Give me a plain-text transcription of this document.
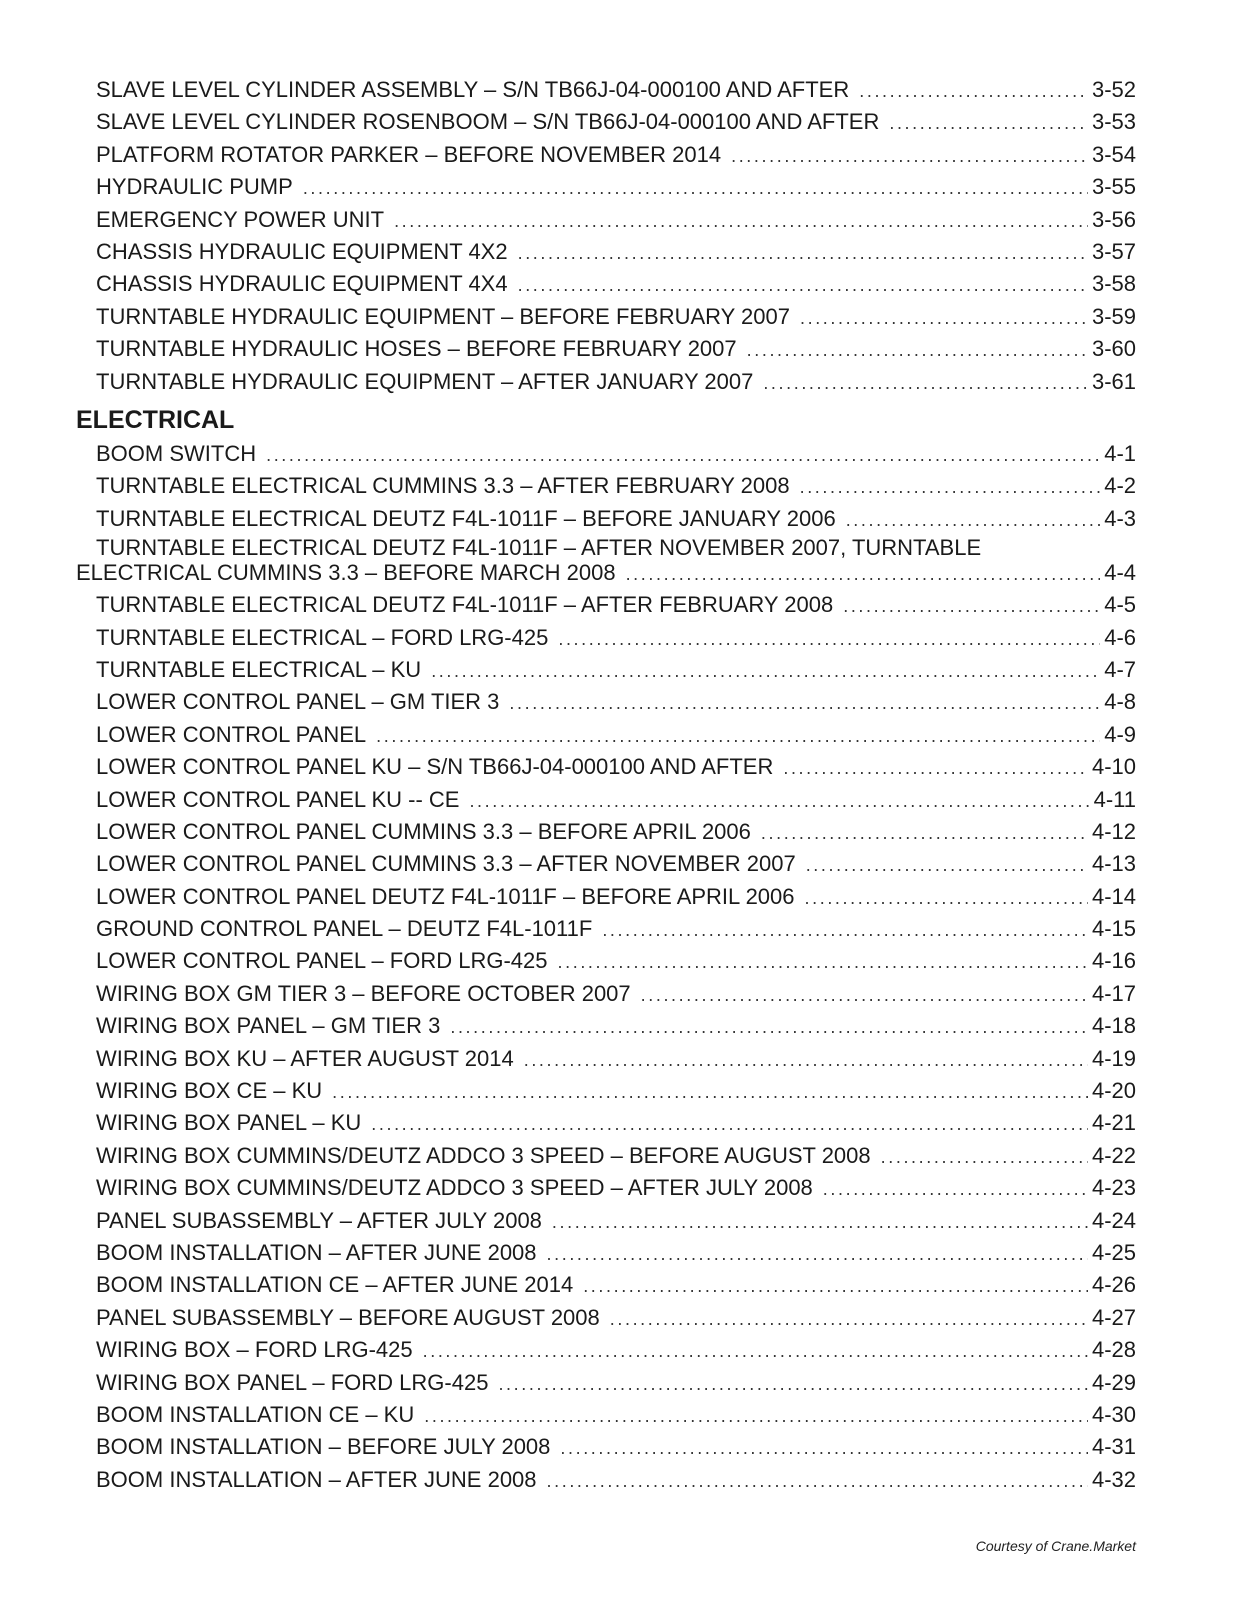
SLAVE LEVEL CYLINDER ASSEMBLY – S/N TB66J-04-000100 AND AFTER .....	3-52
SLAVE LEVEL CYLINDER ROSENBOOM – S/N TB66J-04-000100 AND AFTER .....	3-53
PLATFORM ROTATOR PARKER – BEFORE NOVEMBER 2014 .....	3-54
HYDRAULIC PUMP .....	3-55
EMERGENCY POWER UNIT .....	3-56
CHASSIS HYDRAULIC EQUIPMENT 4X2 .....	3-57
CHASSIS HYDRAULIC EQUIPMENT 4X4 .....	3-58
TURNTABLE HYDRAULIC EQUIPMENT – BEFORE FEBRUARY 2007 .....	3-59
TURNTABLE HYDRAULIC HOSES – BEFORE FEBRUARY 2007 .....	3-60
TURNTABLE HYDRAULIC EQUIPMENT – AFTER JANUARY 2007 .....	3-61
ELECTRICAL
BOOM SWITCH .....	4-1
TURNTABLE ELECTRICAL CUMMINS 3.3 – AFTER FEBRUARY 2008 .....	4-2
TURNTABLE ELECTRICAL DEUTZ F4L-1011F – BEFORE JANUARY 2006 .....	4-3
TURNTABLE ELECTRICAL DEUTZ F4L-1011F – AFTER NOVEMBER 2007, TURNTABLE
ELECTRICAL CUMMINS 3.3 – BEFORE MARCH 2008 .....	4-4
TURNTABLE ELECTRICAL DEUTZ F4L-1011F – AFTER FEBRUARY 2008 .....	4-5
TURNTABLE ELECTRICAL – FORD LRG-425 .....	4-6
TURNTABLE ELECTRICAL – KU .....	4-7
LOWER CONTROL PANEL – GM TIER 3 .....	4-8
LOWER CONTROL PANEL .....	4-9
LOWER CONTROL PANEL KU – S/N TB66J-04-000100 AND AFTER .....	4-10
LOWER CONTROL PANEL KU -- CE .....	4-11
LOWER CONTROL PANEL CUMMINS 3.3 – BEFORE APRIL 2006 .....	4-12
LOWER CONTROL PANEL CUMMINS 3.3 – AFTER NOVEMBER 2007 .....	4-13
LOWER CONTROL PANEL DEUTZ F4L-1011F – BEFORE APRIL 2006 .....	4-14
GROUND CONTROL PANEL – DEUTZ F4L-1011F .....	4-15
LOWER CONTROL PANEL – FORD LRG-425 .....	4-16
WIRING BOX GM TIER 3 – BEFORE OCTOBER 2007 .....	4-17
WIRING BOX PANEL – GM TIER 3 .....	4-18
WIRING BOX KU – AFTER AUGUST 2014 .....	4-19
WIRING BOX CE – KU .....	4-20
WIRING BOX PANEL – KU .....	4-21
WIRING BOX CUMMINS/DEUTZ ADDCO 3 SPEED – BEFORE AUGUST 2008 .....	4-22
WIRING BOX CUMMINS/DEUTZ ADDCO 3 SPEED – AFTER JULY 2008 .....	4-23
PANEL SUBASSEMBLY – AFTER JULY 2008 .....	4-24
BOOM INSTALLATION – AFTER JUNE 2008 .....	4-25
BOOM INSTALLATION CE – AFTER JUNE 2014 .....	4-26
PANEL SUBASSEMBLY – BEFORE AUGUST 2008 .....	4-27
WIRING BOX – FORD LRG-425 .....	4-28
WIRING BOX PANEL – FORD LRG-425 .....	4-29
BOOM INSTALLATION CE – KU .....	4-30
BOOM INSTALLATION – BEFORE JULY 2008 .....	4-31
BOOM INSTALLATION – AFTER JUNE 2008 .....	4-32
Courtesy of Crane.Market
